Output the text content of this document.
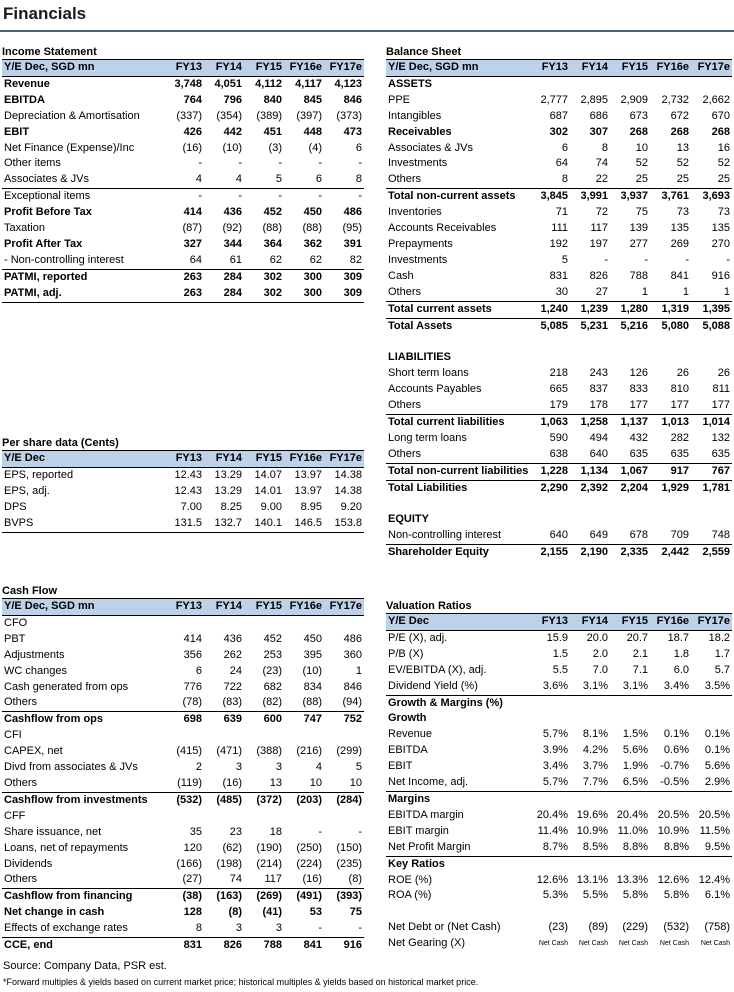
Financials
Income Statement
Y/E Dec, SGD mn	FY13	FY14	FY15	FY16e	FY17e
Revenue	3,748	4,051	4,112	4,117	4,123
EBITDA	764	796	840	845	846
Depreciation & Amortisation	(337)	(354)	(389)	(397)	(373)
EBIT	426	442	451	448	473
Net Finance (Expense)/Inc	(16)	(10)	(3)	(4)	6
Other items	-	-	-	-	-
Associates & JVs	4	4	5	6	8
Exceptional items	-	-	-	-	-
Profit Before Tax	414	436	452	450	486
Taxation	(87)	(92)	(88)	(88)	(95)
Profit After Tax	327	344	364	362	391
- Non-controlling interest	64	61	62	62	82
PATMI, reported	263	284	302	300	309
PATMI, adj.	263	284	302	300	309
Per share data (Cents)
Y/E Dec	FY13	FY14	FY15	FY16e	FY17e
EPS, reported	12.43	13.29	14.07	13.97	14.38
EPS, adj.	12.43	13.29	14.01	13.97	14.38
DPS	7.00	8.25	9.00	8.95	9.20
BVPS	131.5	132.7	140.1	146.5	153.8
Cash Flow
Y/E Dec, SGD mn	FY13	FY14	FY15	FY16e	FY17e
CFO					
PBT	414	436	452	450	486
Adjustments	356	262	253	395	360
WC changes	6	24	(23)	(10)	1
Cash generated from ops	776	722	682	834	846
Others	(78)	(83)	(82)	(88)	(94)
Cashflow from ops	698	639	600	747	752
CFI					
CAPEX, net	(415)	(471)	(388)	(216)	(299)
Divd from associates & JVs	2	3	3	4	5
Others	(119)	(16)	13	10	10
Cashflow from investments	(532)	(485)	(372)	(203)	(284)
CFF					
Share issuance, net	35	23	18	-	-
Loans, net of repayments	120	(62)	(190)	(250)	(150)
Dividends	(166)	(198)	(214)	(224)	(235)
Others	(27)	74	117	(16)	(8)
Cashflow from financing	(38)	(163)	(269)	(491)	(393)
Net change in cash	128	(8)	(41)	53	75
Effects of exchange rates	8	3	3	-	-
CCE, end	831	826	788	841	916
Balance Sheet
Y/E Dec, SGD mn	FY13	FY14	FY15	FY16e	FY17e
ASSETS					
PPE	2,777	2,895	2,909	2,732	2,662
Intangibles	687	686	673	672	670
Receivables	302	307	268	268	268
Associates & JVs	6	8	10	13	16
Investments	64	74	52	52	52
Others	8	22	25	25	25
Total non-current assets	3,845	3,991	3,937	3,761	3,693
Inventories	71	72	75	73	73
Accounts Receivables	111	117	139	135	135
Prepayments	192	197	277	269	270
Investments	5	-	-	-	-
Cash	831	826	788	841	916
Others	30	27	1	1	1
Total current assets	1,240	1,239	1,280	1,319	1,395
Total Assets	5,085	5,231	5,216	5,080	5,088

LIABILITIES					
Short term loans	218	243	126	26	26
Accounts Payables	665	837	833	810	811
Others	179	178	177	177	177
Total current liabilities	1,063	1,258	1,137	1,013	1,014
Long term loans	590	494	432	282	132
Others	638	640	635	635	635
Total non-current liabilities	1,228	1,134	1,067	917	767
Total Liabilities	2,290	2,392	2,204	1,929	1,781

EQUITY					
Non-controlling interest	640	649	678	709	748
Shareholder Equity	2,155	2,190	2,335	2,442	2,559
Valuation Ratios
Y/E Dec	FY13	FY14	FY15	FY16e	FY17e
P/E (X), adj.	15.9	20.0	20.7	18.7	18.2
P/B (X)	1.5	2.0	2.1	1.8	1.7
EV/EBITDA (X), adj.	5.5	7.0	7.1	6.0	5.7
Dividend Yield (%)	3.6%	3.1%	3.1%	3.4%	3.5%
Growth & Margins (%)					
Growth					
Revenue	5.7%	8.1%	1.5%	0.1%	0.1%
EBITDA	3.9%	4.2%	5.6%	0.6%	0.1%
EBIT	3.4%	3.7%	1.9%	-0.7%	5.6%
Net Income, adj.	5.7%	7.7%	6.5%	-0.5%	2.9%
Margins					
EBITDA margin	20.4%	19.6%	20.4%	20.5%	20.5%
EBIT margin	11.4%	10.9%	11.0%	10.9%	11.5%
Net Profit Margin	8.7%	8.5%	8.8%	8.8%	9.5%
Key Ratios					
ROE (%)	12.6%	13.1%	13.3%	12.6%	12.4%
ROA (%)	5.3%	5.5%	5.8%	5.8%	6.1%

Net Debt or (Net Cash)	(23)	(89)	(229)	(532)	(758)
Net Gearing (X)	Net Cash	Net Cash	Net Cash	Net Cash	Net Cash
Source: Company Data, PSR est.
*Forward multiples & yields based on current market price; historical multiples & yields based on historical market price.
